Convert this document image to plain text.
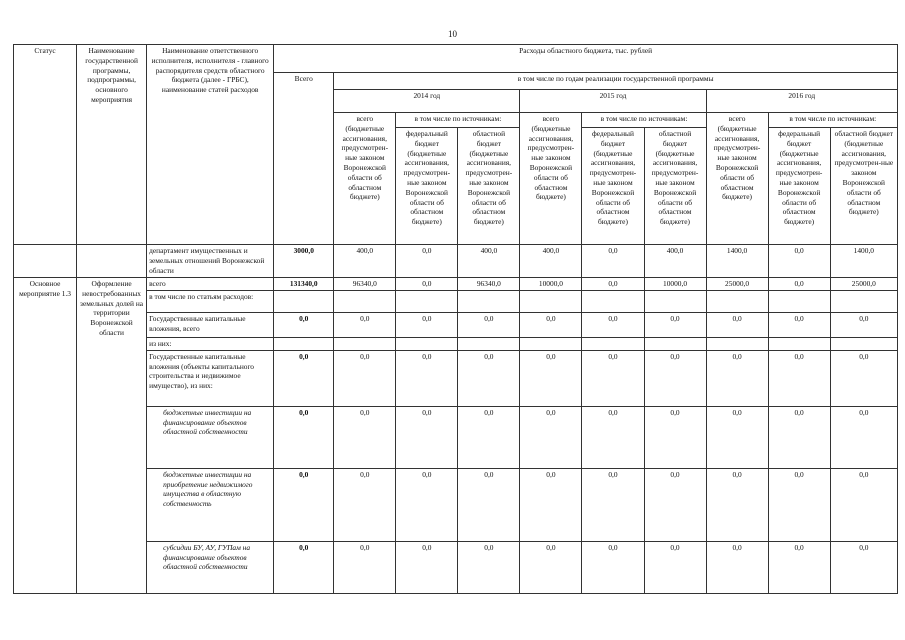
10
Статус	Наименование государственной программы, подпрограммы, основного мероприятия	Наименование ответственного исполнителя, исполнителя - главного распорядителя средств областного бюджета (далее - ГРБС), наименование статей расходов	Расходы областного бюджета, тыс. рублей									
			Всего	в том числе по годам реализации государственной программы								
				2014 год			2015 год			2016 год		
				всего (бюджетные ассигнования, предусмотрен-ные законом Воронежской области об областном бюджете)	в том числе по источникам:		всего (бюджетные ассигнования, предусмотрен-ные законом Воронежской области об областном бюджете)	в том числе по источникам:		всего (бюджетные ассигнования, предусмотрен-ные законом Воронежской области об областном бюджете)	в том числе по источникам:	
					федеральный бюджет (бюджетные ассигнования, предусмотрен-ные законом Воронежской области об областном бюджете)	областной бюджет (бюджетные ассигнования, предусмотрен-ные законом Воронежской области об областном бюджете)		федеральный бюджет (бюджетные ассигнования, предусмотрен-ные законом Воронежской области об областном бюджете)	областной бюджет (бюджетные ассигнования, предусмотрен-ные законом Воронежской области об областном бюджете)		федеральный бюджет (бюджетные ассигнования, предусмотрен-ные законом Воронежской области об областном бюджете)	областной бюджет (бюджетные ассигнования, предусмотрен-ные законом Воронежской области об областном бюджете)
		департамент имущественных и земельных отношений Воронежской области	3000,0	400,0	0,0	400,0	400,0	0,0	400,0	1400,0	0,0	1400,0
Основное мероприятие 1.3	Оформление невостребованных земельных долей на территории Воронежской области	всего	131340,0	96340,0	0,0	96340,0	10000,0	0,0	10000,0	25000,0	0,0	25000,0
		в том числе по статьям расходов:										
		Государственные капитальные вложения, всего	0,0	0,0	0,0	0,0	0,0	0,0	0,0	0,0	0,0	0,0
		из них:										
		Государственные капитальные вложения (объекты капитального строительства и недвижимое имущество), из них:	0,0	0,0	0,0	0,0	0,0	0,0	0,0	0,0	0,0	0,0
		бюджетные инвестиции на финансирование объектов областной собственности	0,0	0,0	0,0	0,0	0,0	0,0	0,0	0,0	0,0	0,0
		бюджетные инвестиции на приобретение недвижимого имущества в областную собственность	0,0	0,0	0,0	0,0	0,0	0,0	0,0	0,0	0,0	0,0
		субсидии БУ, АУ, ГУПам на финансирование объектов областной собственности	0,0	0,0	0,0	0,0	0,0	0,0	0,0	0,0	0,0	0,0
